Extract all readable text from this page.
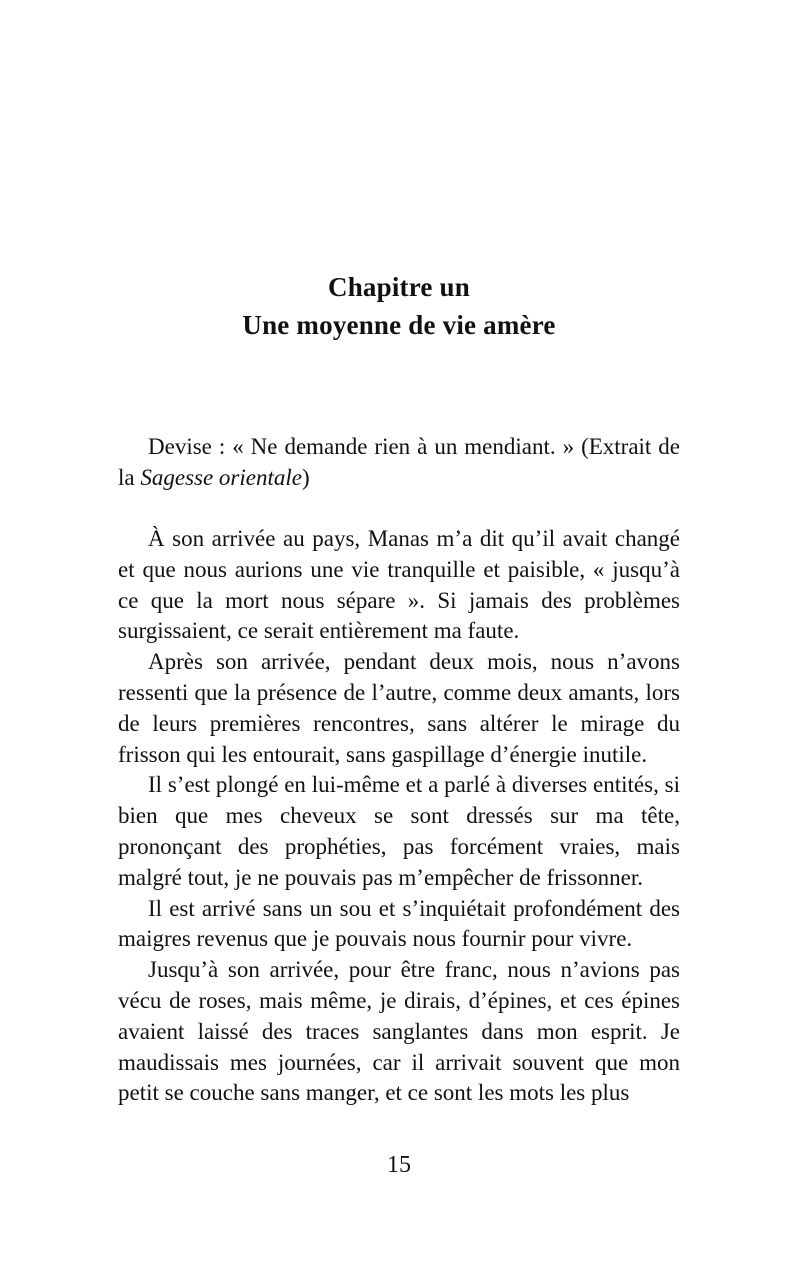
Chapitre un
Une moyenne de vie amère

Devise : « Ne demande rien à un mendiant. » (Extrait de la Sagesse orientale)

À son arrivée au pays, Manas m’a dit qu’il avait changé et que nous aurions une vie tranquille et paisible, « jusqu’à ce que la mort nous sépare ». Si jamais des problèmes surgissaient, ce serait entièrement ma faute.

Après son arrivée, pendant deux mois, nous n’avons ressenti que la présence de l’autre, comme deux amants, lors de leurs premières rencontres, sans altérer le mirage du frisson qui les entourait, sans gaspillage d’énergie inutile.

Il s’est plongé en lui-même et a parlé à diverses entités, si bien que mes cheveux se sont dressés sur ma tête, prononçant des prophéties, pas forcément vraies, mais malgré tout, je ne pouvais pas m’empêcher de frissonner.

Il est arrivé sans un sou et s’inquiétait profondément des maigres revenus que je pouvais nous fournir pour vivre.

Jusqu’à son arrivée, pour être franc, nous n’avions pas vécu de roses, mais même, je dirais, d’épines, et ces épines avaient laissé des traces sanglantes dans mon esprit. Je maudissais mes journées, car il arrivait souvent que mon petit se couche sans manger, et ce sont les mots les plus

15
